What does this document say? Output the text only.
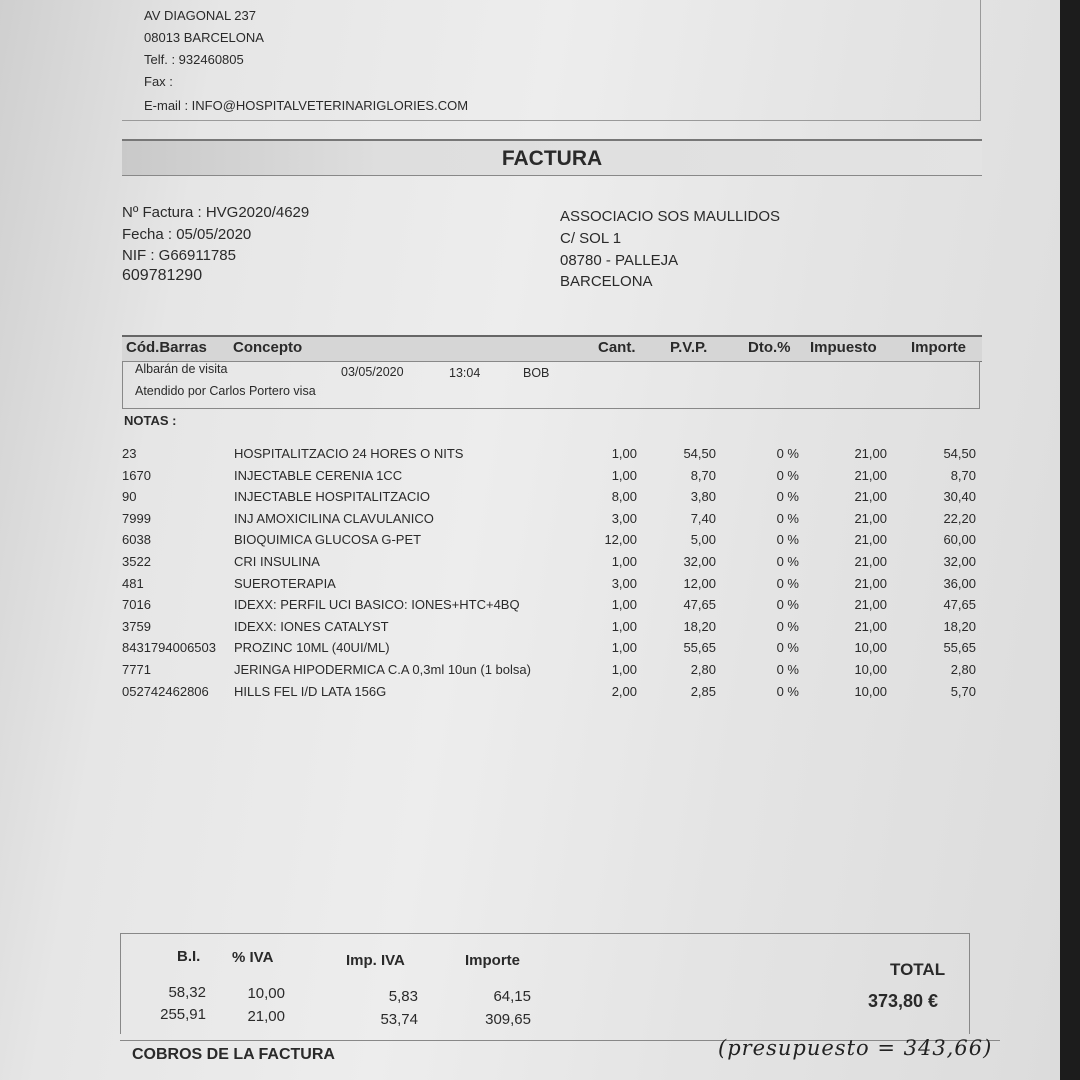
AV DIAGONAL 237
08013 BARCELONA
Telf. : 932460805
Fax :
E-mail : INFO@HOSPITALVETERINARIGLORIES.COM
FACTURA
Nº Factura : HVG2020/4629
Fecha : 05/05/2020
NIF : G66911785
609781290
ASSOCIACIO SOS MAULLIDOS
C/ SOL 1
08780 - PALLEJA
BARCELONA
Cód.Barras Concepto	Cant. P.V.P.	Dto.% Impuesto Importe
Albarán de visita	03/05/2020	13:04	BOB
Atendido por Carlos Portero visa
NOTAS :
23	HOSPITALITZACIO 24 HORES O NITS	1,00	54,50	0 %	21,00	54,50
1670	INJECTABLE CERENIA 1CC	1,00	8,70	0 %	21,00	8,70
90	INJECTABLE HOSPITALITZACIO	8,00	3,80	0 %	21,00	30,40
7999	INJ AMOXICILINA CLAVULANICO	3,00	7,40	0 %	21,00	22,20
6038	BIOQUIMICA GLUCOSA G-PET	12,00	5,00	0 %	21,00	60,00
3522	CRI INSULINA	1,00	32,00	0 %	21,00	32,00
481	SUEROTERAPIA	3,00	12,00	0 %	21,00	36,00
7016	IDEXX: PERFIL UCI BASICO: IONES+HTC+4BQ	1,00	47,65	0 %	21,00	47,65
3759	IDEXX: IONES CATALYST	1,00	18,20	0 %	21,00	18,20
8431794006503 PROZINC 10ML (40UI/ML)	1,00	55,65	0 %	10,00	55,65
7771	JERINGA HIPODERMICA C.A 0,3ml 10un (1 bolsa)	1,00	2,80	0 %	10,00	2,80
052742462806 HILLS FEL I/D LATA 156G	2,00	2,85	0 %	10,00	5,70
B.I. % IVA	Imp. IVA	Importe
58,32	10,00	5,83	64,15
255,91	21,00	53,74	309,65
TOTAL
373,80 €
COBROS DE LA FACTURA	(presupuesto = 343,66)
